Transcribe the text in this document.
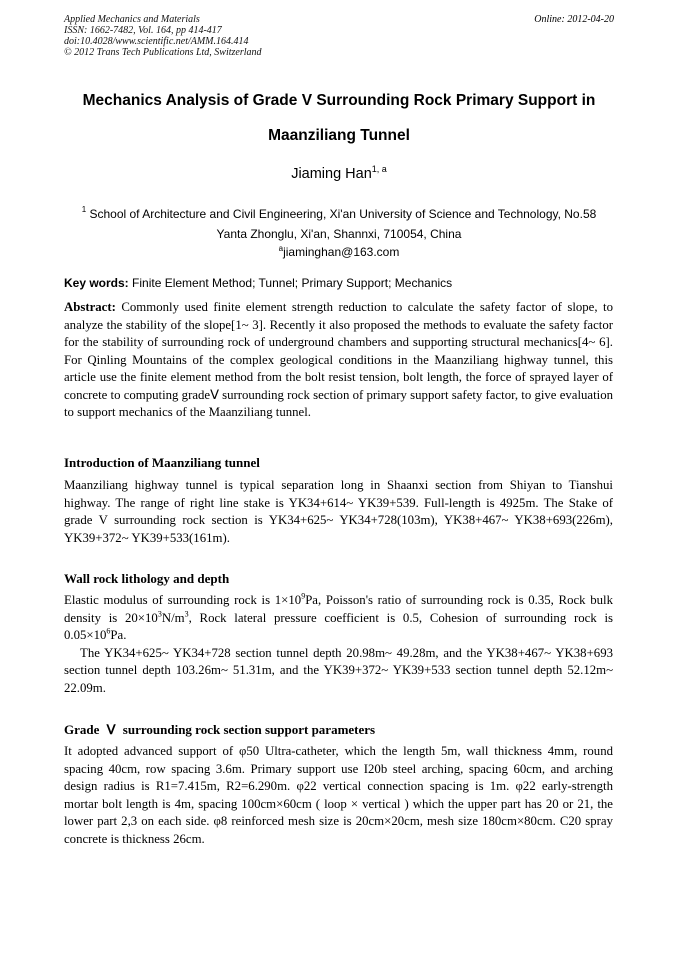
Applied Mechanics and Materials
ISSN: 1662-7482, Vol. 164, pp 414-417
doi:10.4028/www.scientific.net/AMM.164.414
© 2012 Trans Tech Publications Ltd, Switzerland
Online: 2012-04-20
Mechanics Analysis of Grade V Surrounding Rock Primary Support in
Maanziliang Tunnel
Jiaming Han$^{1, a}$
$^1$ School of Architecture and Civil Engineering, Xi'an University of Science and Technology, No.58
Yanta Zhonglu, Xi'an, Shannxi, 710054, China
$^a$jiaminghan@163.com
Key words: Finite Element Method; Tunnel; Primary Support; Mechanics
Abstract: Commonly used finite element strength reduction to calculate the safety factor of slope, to analyze the stability of the slope[1~ 3]. Recently it also proposed the methods to evaluate the safety factor for the stability of surrounding rock of underground chambers and supporting structural mechanics[4~ 6]. For Qinling Mountains of the complex geological conditions in the Maanziliang highway tunnel, this article use the finite element method from the bolt resist tension, bolt length, the force of sprayed layer of concrete to computing gradeⅤ surrounding rock section of primary support safety factor, to give evaluation to support mechanics of the Maanziliang tunnel.
Introduction of Maanziliang tunnel
Maanziliang highway tunnel is typical separation long in Shaanxi section from Shiyan to Tianshui highway. The range of right line stake is YK34+614~ YK39+539. Full-length is 4925m. The Stake of grade V surrounding rock section is YK34+625~ YK34+728(103m), YK38+467~ YK38+693(226m), YK39+372~ YK39+533(161m).
Wall rock lithology and depth
Elastic modulus of surrounding rock is $1\times 10^9Pa$, Poisson's ratio of surrounding rock is 0.35, Rock bulk density is $20\times 10^3N/m^3$, Rock lateral pressure coefficient is 0.5, Cohesion of surrounding rock is $0.05\times 10^6Pa$.
The YK34+625~ YK34+728 section tunnel depth 20.98m~ 49.28m, and the YK38+467~ YK38+693 section tunnel depth 103.26m~ 51.31m, and the YK39+372~ YK39+533 section tunnel depth 52.12m~ 22.09m.
Grade Ⅴ surrounding rock section support parameters
It adopted advanced support of φ50 Ultra-catheter, which the length 5m, wall thickness 4mm, round spacing 40cm, row spacing 3.6m. Primary support use I20b steel arching, spacing 60cm, and arching design radius is R1=7.415m, R2=6.290m. φ22 vertical connection spacing is 1m. φ22 early-strength mortar bolt length is 4m, spacing 100cm×60cm ( loop × vertical ) which the upper part has 20 or 21, the lower part 2,3 on each side. φ8 reinforced mesh size is 20cm×20cm, mesh size 180cm×80cm. C20 spray concrete is thickness 26cm.
